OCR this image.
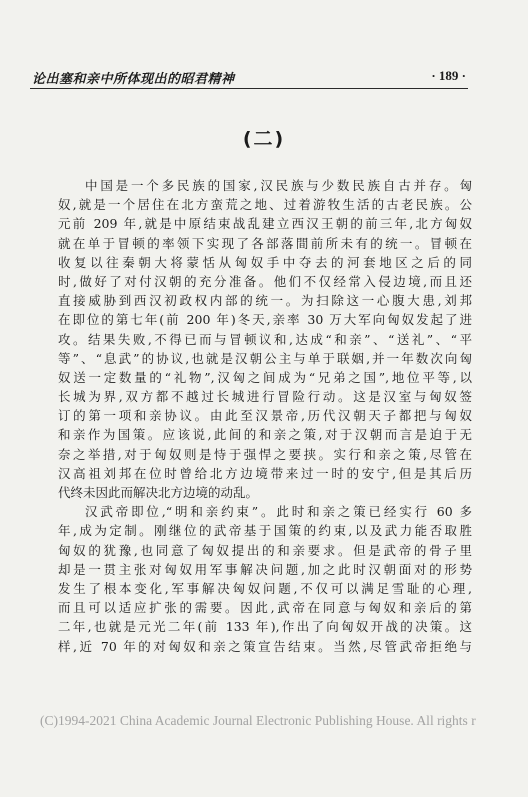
论出塞和亲中所体现出的昭君精神	· 189 ·
(二)
中国是一个多民族的国家,汉民族与少数民族自古并存。匈
奴,就是一个居住在北方蛮荒之地、过着游牧生活的古老民族。公
元前 209 年,就是中原结束战乱建立西汉王朝的前三年,北方匈奴
就在单于冒顿的率领下实现了各部落間前所未有的统一。冒顿在
收复以往秦朝大将蒙恬从匈奴手中夺去的河套地区之后的同
时,做好了对付汉朝的充分准备。他们不仅经常入侵边境,而且还
直接威胁到西汉初政权内部的统一。为扫除这一心腹大患,刘邦
在即位的第七年(前 200 年)冬天,亲率 30 万大军向匈奴发起了进
攻。结果失败,不得已而与冒顿议和,达成“和亲”、“送礼”、“平
等”、“息武”的协议,也就是汉朝公主与单于联姻,并一年数次向匈
奴送一定数量的“礼物”,汉匈之间成为“兄弟之国”,地位平等,以
长城为界,双方都不越过长城进行冒险行动。这是汉室与匈奴签
订的第一项和亲协议。由此至汉景帝,历代汉朝天子都把与匈奴
和亲作为国策。应该说,此间的和亲之策,对于汉朝而言是迫于无
奈之举措,对于匈奴则是恃于强悍之要挟。实行和亲之策,尽管在
汉高祖刘邦在位时曾给北方边境带来过一时的安宁,但是其后历
代终未因此而解决北方边境的动乱。
汉武帝即位,“明和亲约束”。此时和亲之策已经实行 60 多
年,成为定制。刚继位的武帝基于国策的约束,以及武力能否取胜
匈奴的犹豫,也同意了匈奴提出的和亲要求。但是武帝的骨子里
却是一贯主张对匈奴用军事解决问题,加之此时汉朝面对的形势
发生了根本变化,军事解决匈奴问题,不仅可以满足雪耻的心理,
而且可以适应扩张的需要。因此,武帝在同意与匈奴和亲后的第
二年,也就是元光二年(前 133 年),作出了向匈奴开战的决策。这
样,近 70 年的对匈奴和亲之策宣告结束。当然,尽管武帝拒绝与
(C)1994-2021 China Academic Journal Electronic Publishing House. All rights r
